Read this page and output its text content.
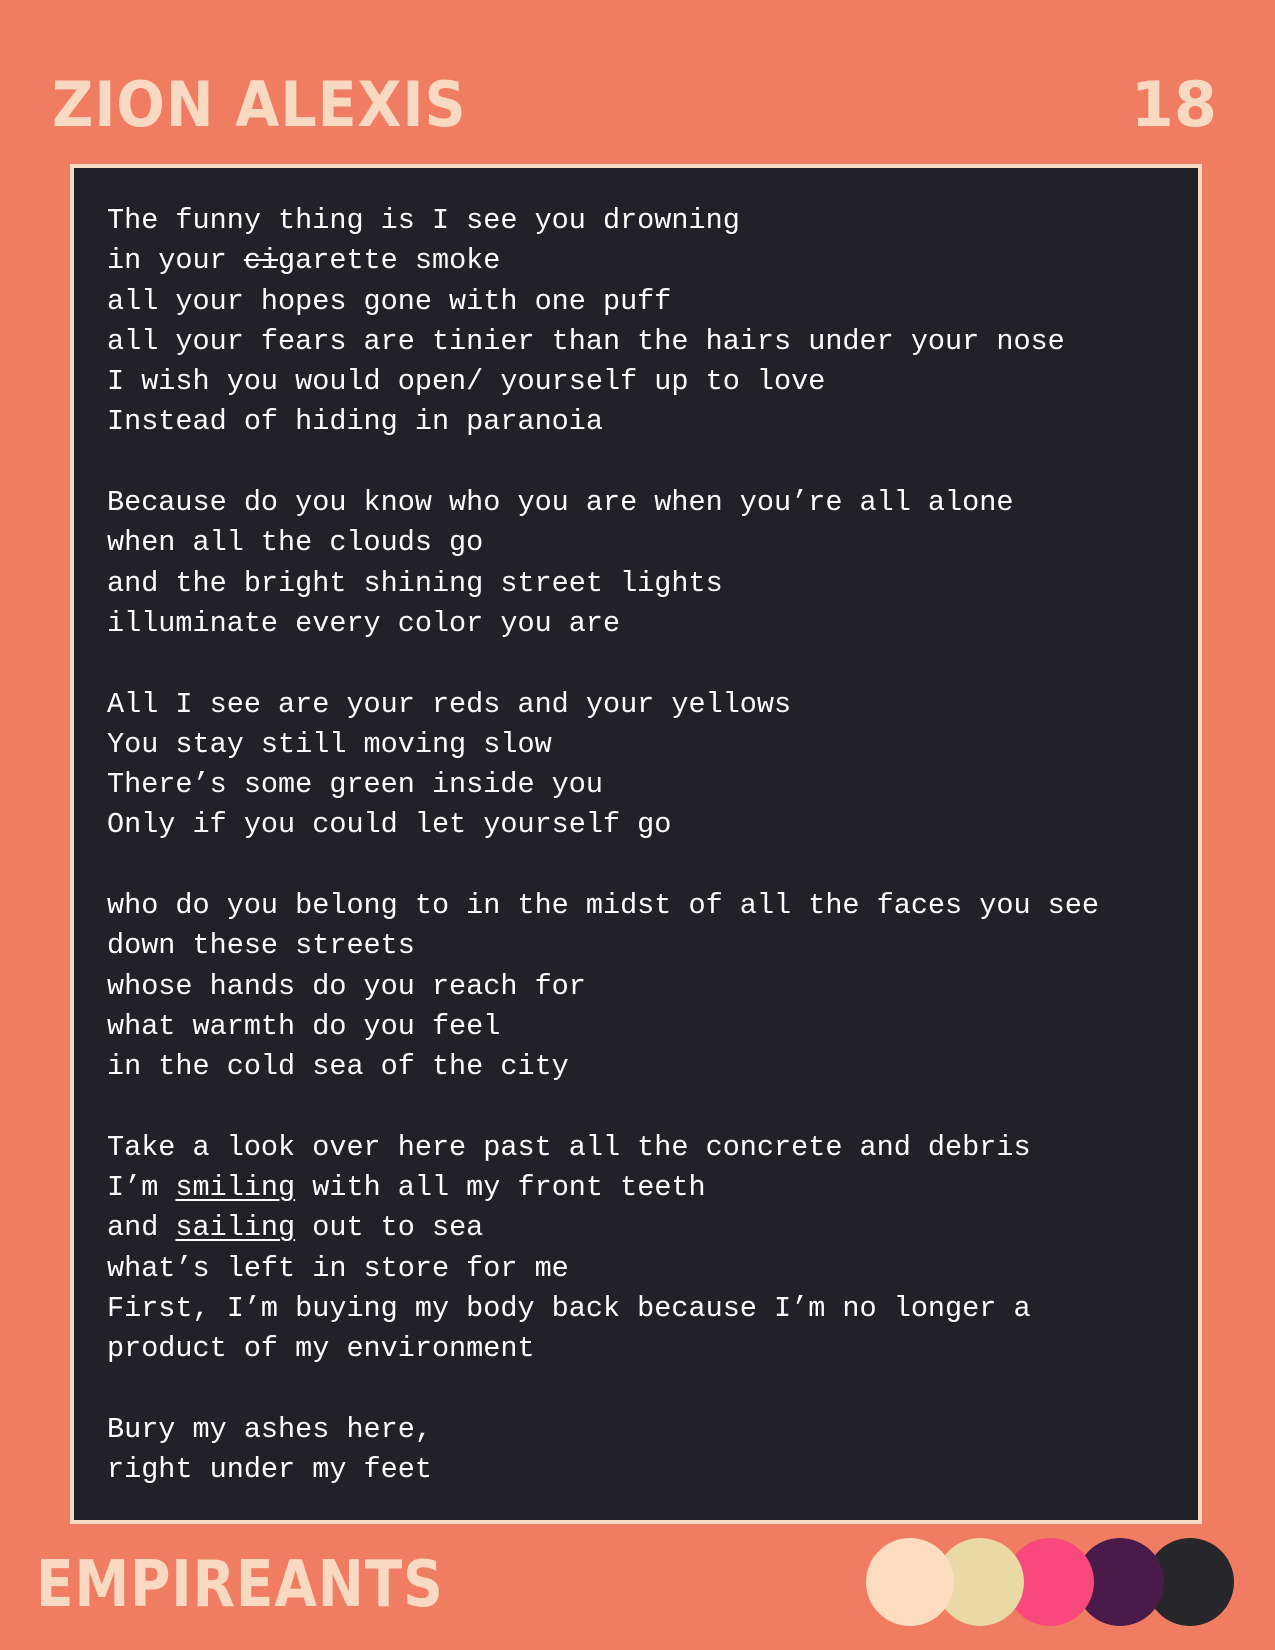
ZION ALEXIS	18
The funny thing is I see you drowning
in your cigarette smoke
all your hopes gone with one puff
all your fears are tinier than the hairs under your nose
I wish you would open/ yourself up to love
Instead of hiding in paranoia
Because do you know who you are when you’re all alone
when all the clouds go
and the bright shining street lights
illuminate every color you are
All I see are your reds and your yellows
You stay still moving slow
There’s some green inside you
Only if you could let yourself go
who do you belong to in the midst of all the faces you see
down these streets
whose hands do you reach for
what warmth do you feel
in the cold sea of the city
Take a look over here past all the concrete and debris
I’m smiling with all my front teeth
and sailing out to sea
what’s left in store for me
First, I’m buying my body back because I’m no longer a
product of my environment
Bury my ashes here,
right under my feet
EMPIREANTS
